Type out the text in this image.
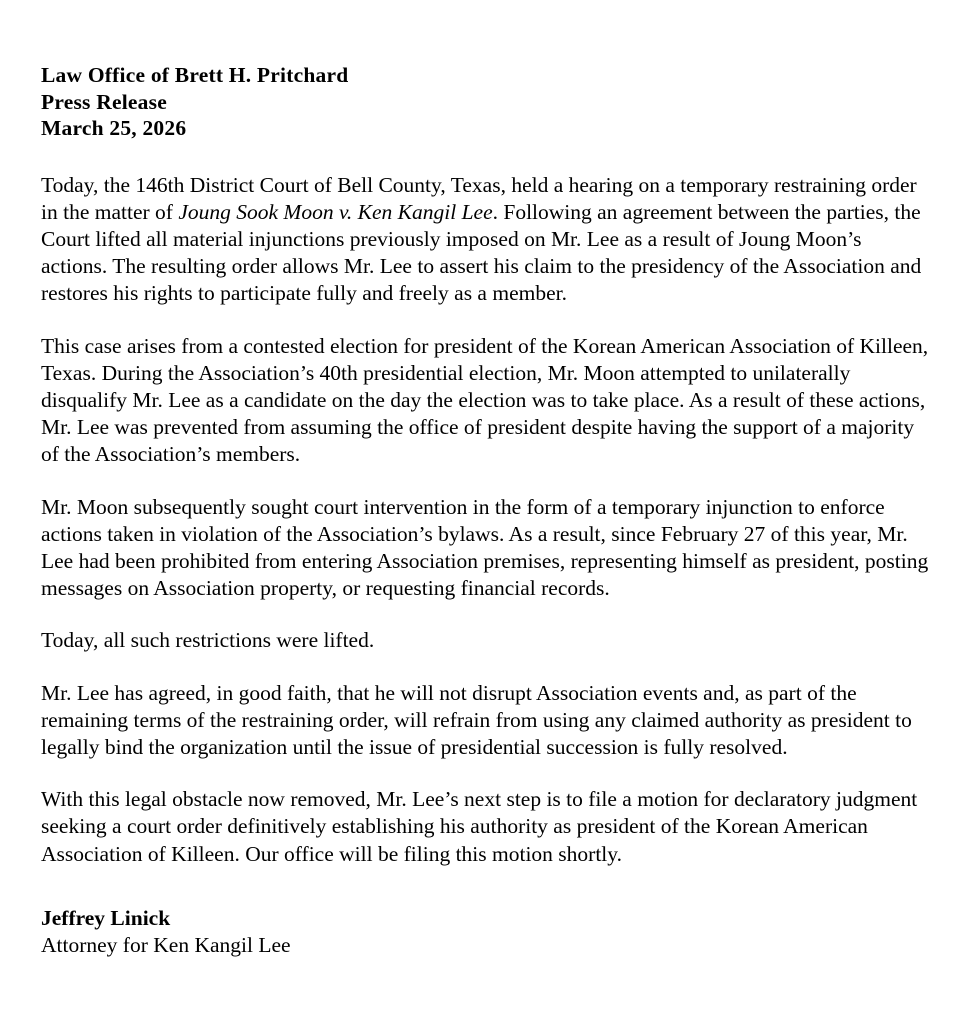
Law Office of Brett H. Pritchard
Press Release
March 25, 2026

Today, the 146th District Court of Bell County, Texas, held a hearing on a temporary restraining order in the matter of Joung Sook Moon v. Ken Kangil Lee. Following an agreement between the parties, the Court lifted all material injunctions previously imposed on Mr. Lee as a result of Joung Moon’s actions. The resulting order allows Mr. Lee to assert his claim to the presidency of the Association and restores his rights to participate fully and freely as a member.

This case arises from a contested election for president of the Korean American Association of Killeen, Texas. During the Association’s 40th presidential election, Mr. Moon attempted to unilaterally disqualify Mr. Lee as a candidate on the day the election was to take place. As a result of these actions, Mr. Lee was prevented from assuming the office of president despite having the support of a majority of the Association’s members.

Mr. Moon subsequently sought court intervention in the form of a temporary injunction to enforce actions taken in violation of the Association’s bylaws. As a result, since February 27 of this year, Mr. Lee had been prohibited from entering Association premises, representing himself as president, posting messages on Association property, or requesting financial records.

Today, all such restrictions were lifted.

Mr. Lee has agreed, in good faith, that he will not disrupt Association events and, as part of the remaining terms of the restraining order, will refrain from using any claimed authority as president to legally bind the organization until the issue of presidential succession is fully resolved.

With this legal obstacle now removed, Mr. Lee’s next step is to file a motion for declaratory judgment seeking a court order definitively establishing his authority as president of the Korean American Association of Killeen. Our office will be filing this motion shortly.

Jeffrey Linick
Attorney for Ken Kangil Lee
